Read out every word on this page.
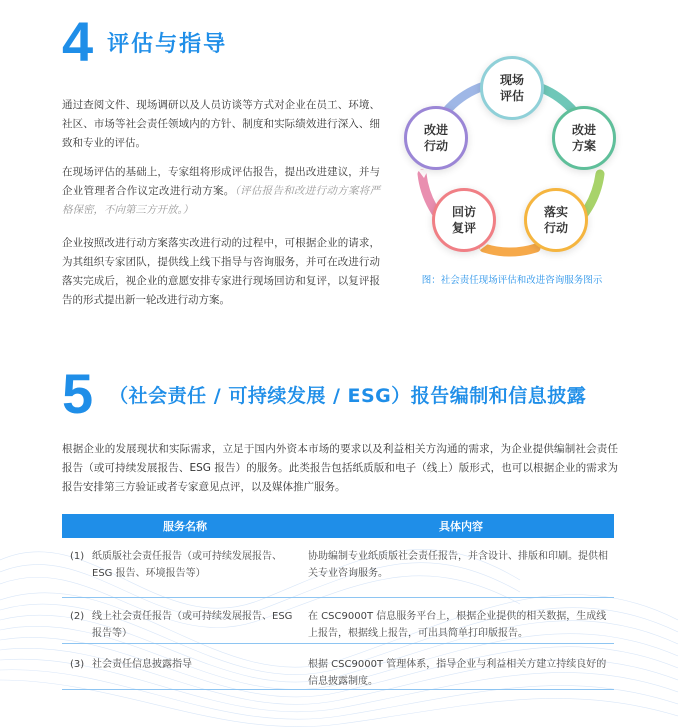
4 评估与指导
通过查阅文件、现场调研以及人员访谈等方式对企业在员工、环境、社区、市场等社会责任领域内的方针、制度和实际绩效进行深入、细致和专业的评估。
在现场评估的基础上，专家组将形成评估报告，提出改进建议，并与企业管理者合作议定改进行动方案。（评估报告和改进行动方案将严格保密，不向第三方开放。）
企业按照改进行动方案落实改进行动的过程中，可根据企业的请求，为其组织专家团队，提供线上线下指导与咨询服务，并可在改进行动落实完成后，视企业的意愿安排专家进行现场回访和复评，以复评报告的形式提出新一轮改进行动方案。
现场评估
改进方案
落实行动
回访复评
改进行动
图：社会责任现场评估和改进咨询服务图示
5 （社会责任 / 可持续发展 / ESG）报告编制和信息披露
根据企业的发展现状和实际需求，立足于国内外资本市场的要求以及利益相关方沟通的需求，为企业提供编制社会责任报告（或可持续发展报告、ESG 报告）的服务。此类报告包括纸质版和电子（线上）版形式，也可以根据企业的需求为报告安排第三方验证或者专家意见点评，以及媒体推广服务。
服务名称	具体内容
(1) 纸质版社会责任报告（或可持续发展报告、ESG 报告、环境报告等）
协助编制专业纸质版社会责任报告，并含设计、排版和印刷。提供相关专业咨询服务。
(2) 线上社会责任报告（或可持续发展报告、ESG 报告等）
在 CSC9000T 信息服务平台上，根据企业提供的相关数据，生成线上报告，根据线上报告，可出具简单打印版报告。
(3) 社会责任信息披露指导	根据 CSC9000T 管理体系，指导企业与利益相关方建立持续良好的信息披露制度。
